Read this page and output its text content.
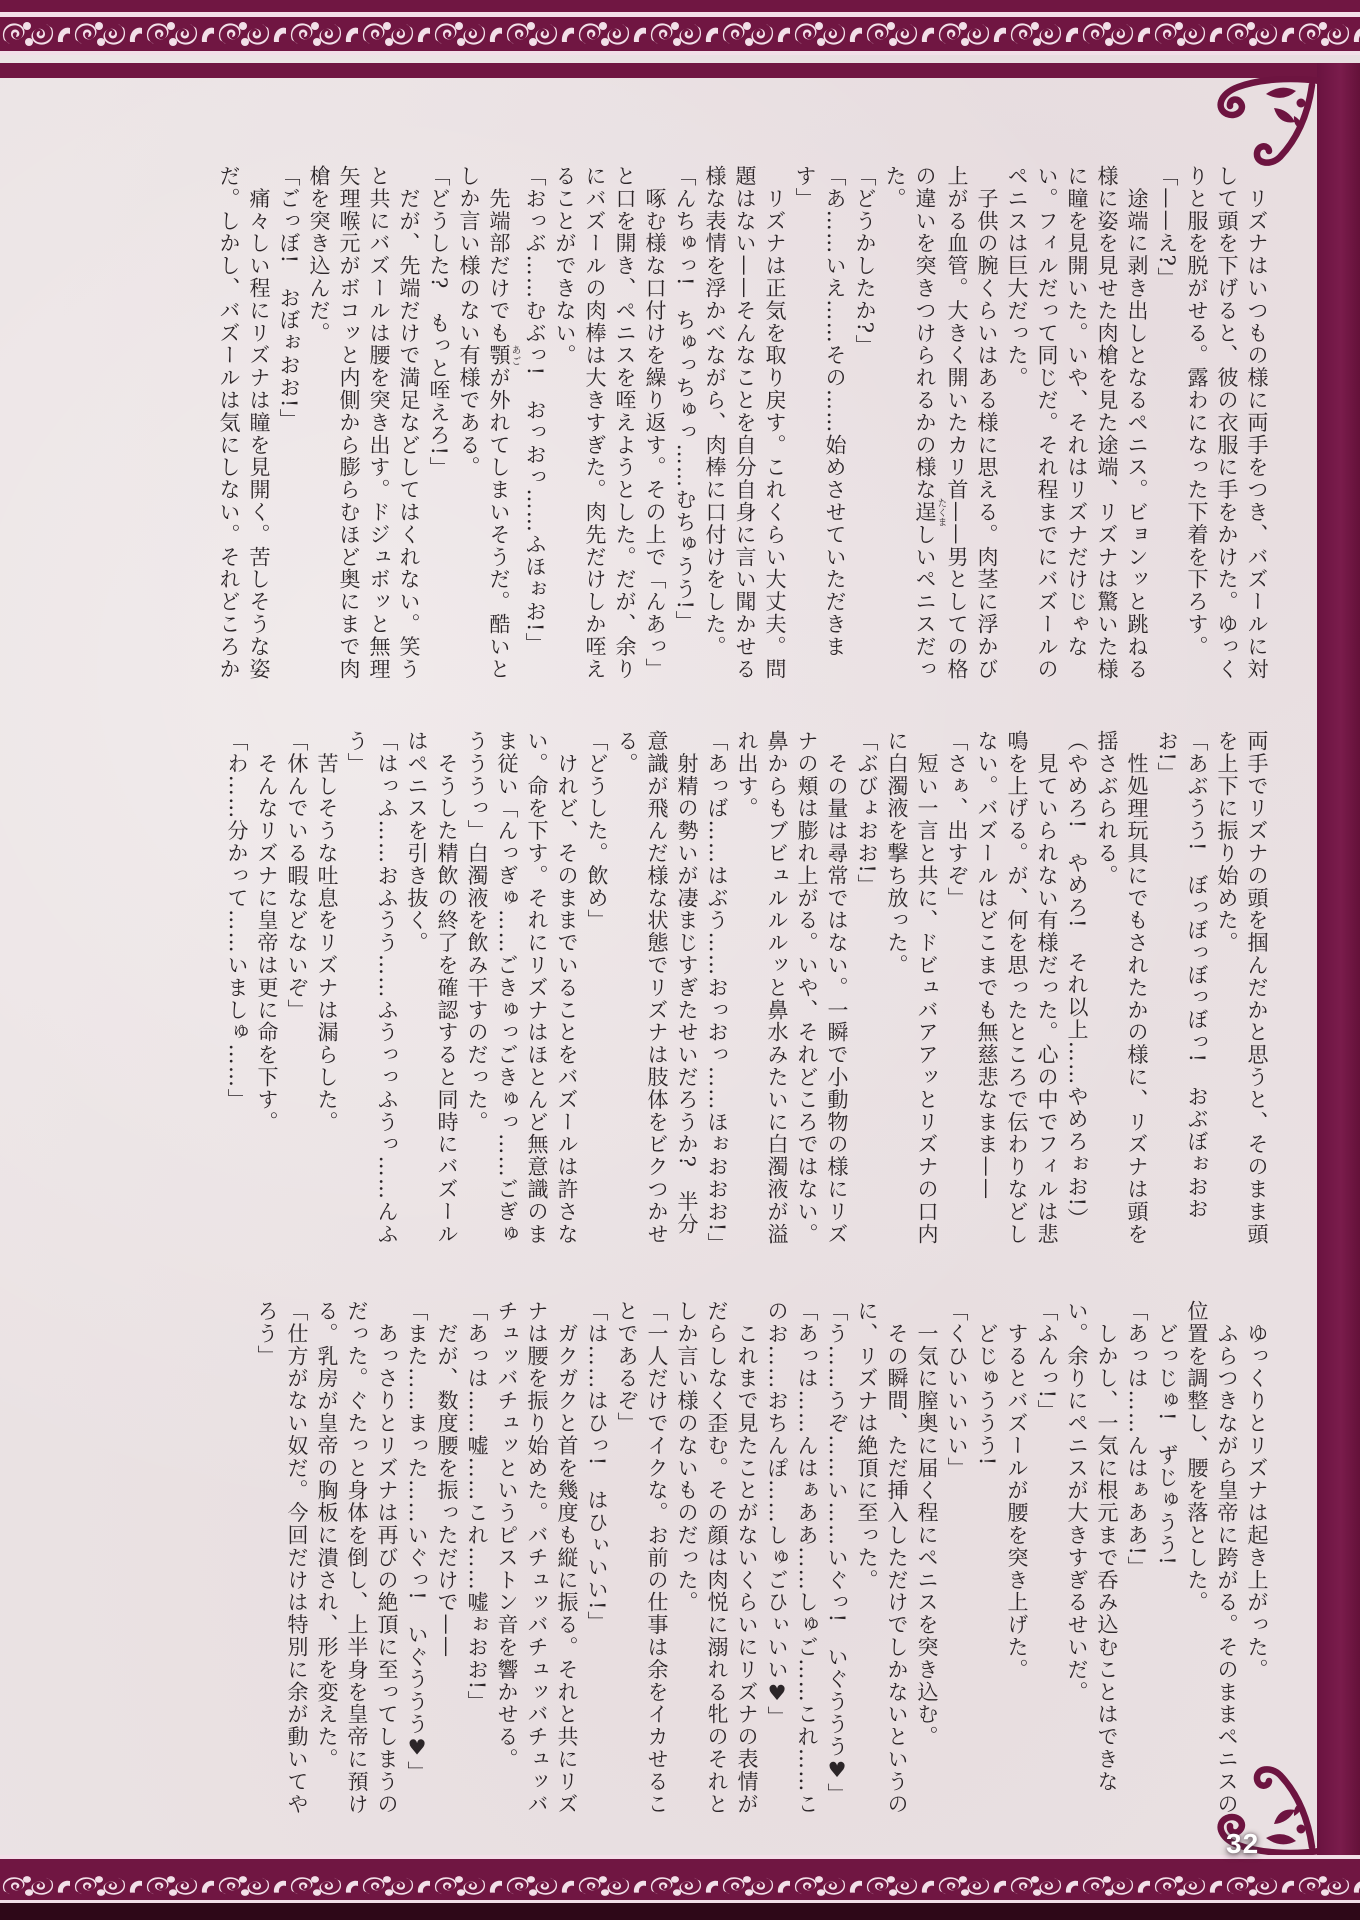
　リズナはいつもの様に両手をつき、バズールに対して頭を下げると、彼の衣服に手をかけた。ゆっくりと服を脱がせる。露わになった下着を下ろす。

「——え?」

　途端に剥き出しとなるペニス。ビョンッと跳ねる様に姿を見せた肉槍を見た途端、リズナは驚いた様に瞳を見開いた。いや、それはリズナだけじゃない。フィルだって同じだ。それ程までにバズールのペニスは巨大だった。

　子供の腕くらいはある様に思える。肉茎に浮かび上がる血管。大きく開いたカリ首——男としての格の違いを突きつけられるかの様な逞たくましいペニスだった。

「どうかしたか?」

「あ……いえ……その……始めさせていただきます」

　リズナは正気を取り戻す。これくらい大丈夫。問題はない——そんなことを自分自身に言い聞かせる様な表情を浮かべながら、肉棒に口付けをした。

「んちゅっ!　ちゅっちゅっ……むちゅうう!」

　啄む様な口付けを繰り返す。その上で「んあっ」と口を開き、ペニスを咥えようとした。だが、余りにバズールの肉棒は大きすぎた。肉先だけしか咥えることができない。

「おっぶ……むぶっ!　おっおっ……ふほぉお!」

　先端部だけでも顎あごが外れてしまいそうだ。酷いとしか言い様のない有様である。

「どうした?　もっと咥えろ!」

　だが、先端だけで満足などしてはくれない。笑うと共にバズールは腰を突き出す。ドジュボッと無理矢理喉元がボコッと内側から膨らむほど奥にまで肉槍を突き込んだ。

「ごっぼ!　おぼぉおお!」

　痛々しい程にリズナは瞳を見開く。苦しそうな姿だ。しかし、バズールは気にしない。それどころか

両手でリズナの頭を掴んだかと思うと、そのまま頭を上下に振り始めた。

「あぶうう!　ぼっぼっぼっぼっ!　おぶぼぉおおお!」

　性処理玩具にでもされたかの様に、リズナは頭を揺さぶられる。

（やめろ!　やめろ!　それ以上……やめろぉお!）

　見ていられない有様だった。心の中でフィルは悲鳴を上げる。が、何を思ったところで伝わりなどしない。バズールはどこまでも無慈悲なまま——

「さぁ、出すぞ」

　短い一言と共に、ドビュバアアッとリズナの口内に白濁液を撃ち放った。

「ぶびょおお!」

　その量は尋常ではない。一瞬で小動物の様にリズナの頬は膨れ上がる。いや、それどころではない。鼻からもブビュルルルッと鼻水みたいに白濁液が溢れ出す。

「あっば……はぶう……おっおっ……ほぉおおお!」

　射精の勢いが凄まじすぎたせいだろうか?　半分意識が飛んだ様な状態でリズナは肢体をビクつかせる。

「どうした。飲め」

　けれど、そのままでいることをバズールは許さない。命を下す。それにリズナはほとんど無意識のまま従い「んっぎゅ……ごきゅっごきゅっ……ごぎゅうううっ」白濁液を飲み干すのだった。

　そうした精飲の終了を確認すると同時にバズールはペニスを引き抜く。

「はっふ……おふうう……ふうっっふうっ……んふう」

　苦しそうな吐息をリズナは漏らした。

「休んでいる暇などないぞ」

　そんなリズナに皇帝は更に命を下す。

「わ……分かって……いましゅ……」

　ゆっくりとリズナは起き上がった。

　ふらつきながら皇帝に跨がる。そのままペニスの位置を調整し、腰を落とした。

　どっじゅ!　ずじゅうう!

「あっは……んはぁああ!」

　しかし、一気に根元まで呑み込むことはできない。余りにペニスが大きすぎるせいだ。

「ふんっ!」

　するとバズールが腰を突き上げた。

　どじゅううう!

「くひいいいい」

　一気に膣奥に届く程にペニスを突き込む。

　その瞬間、ただ挿入しただけでしかないというのに、リズナは絶頂に至った。

「う……うぞ……い……いぐっ!　いぐううう♥」

「あっは……んはぁああ……しゅご……これ……このお……おちんぽ……しゅごひぃいい♥」

　これまで見たことがないくらいにリズナの表情がだらしなく歪む。その顔は肉悦に溺れる牝のそれとしか言い様のないものだった。

「一人だけでイクな。お前の仕事は余をイカせることであるぞ」

「は……はひっ!　はひぃいい!」

　ガクガクと首を幾度も縦に振る。それと共にリズナは腰を振り始めた。バチュッバチュッバチュッバチュッバチュッというピストン音を響かせる。

「あっは……嘘……これ……嘘ぉおお!」

　だが、数度腰を振っただけで——

「また……まった……いぐっ!　いぐううう♥」

　あっさりとリズナは再びの絶頂に至ってしまうのだった。ぐたっと身体を倒し、上半身を皇帝に預ける。乳房が皇帝の胸板に潰され、形を変えた。

「仕方がない奴だ。今回だけは特別に余が動いてやろう」

32
